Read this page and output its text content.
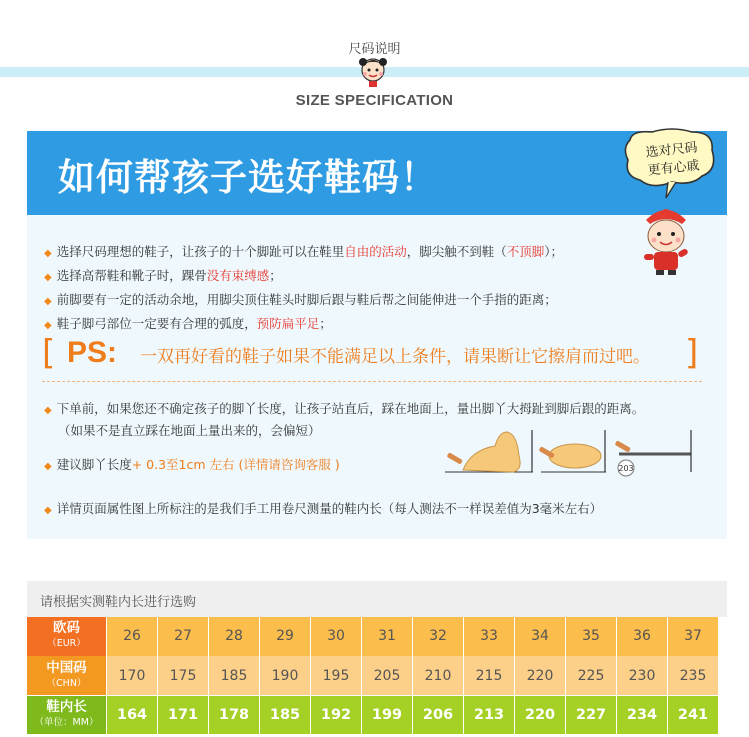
尺码说明
SIZE SPECIFICATION
如何帮孩子选好鞋码！
选对尺码
更有心戚
◆ 选择尺码理想的鞋子，让孩子的十个脚趾可以在鞋里自由的活动，脚尖触不到鞋（不顶脚）；
◆ 选择高帮鞋和靴子时，踝骨没有束缚感；
◆ 前脚要有一定的活动余地，用脚尖顶住鞋头时脚后跟与鞋后帮之间能伸进一个手指的距离；
◆ 鞋子脚弓部位一定要有合理的弧度，预防扁平足；
[ PS: 一双再好看的鞋子如果不能满足以上条件，请果断让它擦肩而过吧。 ]
◆ 下单前，如果您还不确定孩子的脚丫长度，让孩子站直后，踩在地面上，量出脚丫大拇趾到脚后跟的距离。
（如果不是直立踩在地面上量出来的，会偏短）
◆ 建议脚丫长度+ 0.3至1cm 左右 (详情请咨询客服 )
◆ 详情页面属性图上所标注的是我们手工用卷尺测量的鞋内长（每人测法不一样误差值为3毫米左右）
203
请根据实测鞋内长进行选购
欧码
（EUR）	26	27	28	29	30	31	32	33	34	35	36	37
中国码
（CHN）	170	175	185	190	195	205	210	215	220	225	230	235
鞋内长
（单位：MM）	164	171	178	185	192	199	206	213	220	227	234	241
